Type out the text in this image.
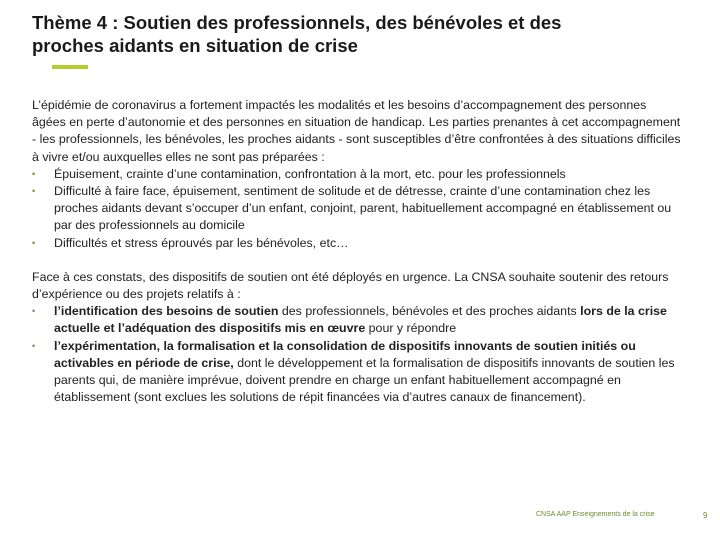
Thème 4 : Soutien des professionnels, des bénévoles et des
proches aidants en situation de crise

L’épidémie de coronavirus a fortement impactés les modalités et les besoins d’accompagnement des personnes âgées en perte d’autonomie et des personnes en situation de handicap. Les parties prenantes à cet accompagnement - les professionnels, les bénévoles, les proches aidants - sont susceptibles d’être confrontées à des situations difficiles à vivre et/ou auxquelles elles ne sont pas préparées :

• Épuisement, crainte d’une contamination, confrontation à la mort, etc. pour les professionnels
• Difficulté à faire face, épuisement, sentiment de solitude et de détresse, crainte d’une contamination chez les proches aidants devant s’occuper d’un enfant, conjoint, parent, habituellement accompagné en établissement ou par des professionnels au domicile
• Difficultés et stress éprouvés par les bénévoles, etc…

Face à ces constats, des dispositifs de soutien ont été déployés en urgence. La CNSA souhaite soutenir des retours d’expérience ou des projets relatifs à :

• l’identification des besoins de soutien des professionnels, bénévoles et des proches aidants lors de la crise actuelle et l’adéquation des dispositifs mis en œuvre pour y répondre
• l’expérimentation, la formalisation et la consolidation de dispositifs innovants de soutien initiés ou activables en période de crise, dont le développement et la formalisation de dispositifs innovants de soutien les parents qui, de manière imprévue, doivent prendre en charge un enfant habituellement accompagné en établissement (sont exclues les solutions de répit financées via d’autres canaux de financement).
CNSA AAP Enseignements de la crise	9
